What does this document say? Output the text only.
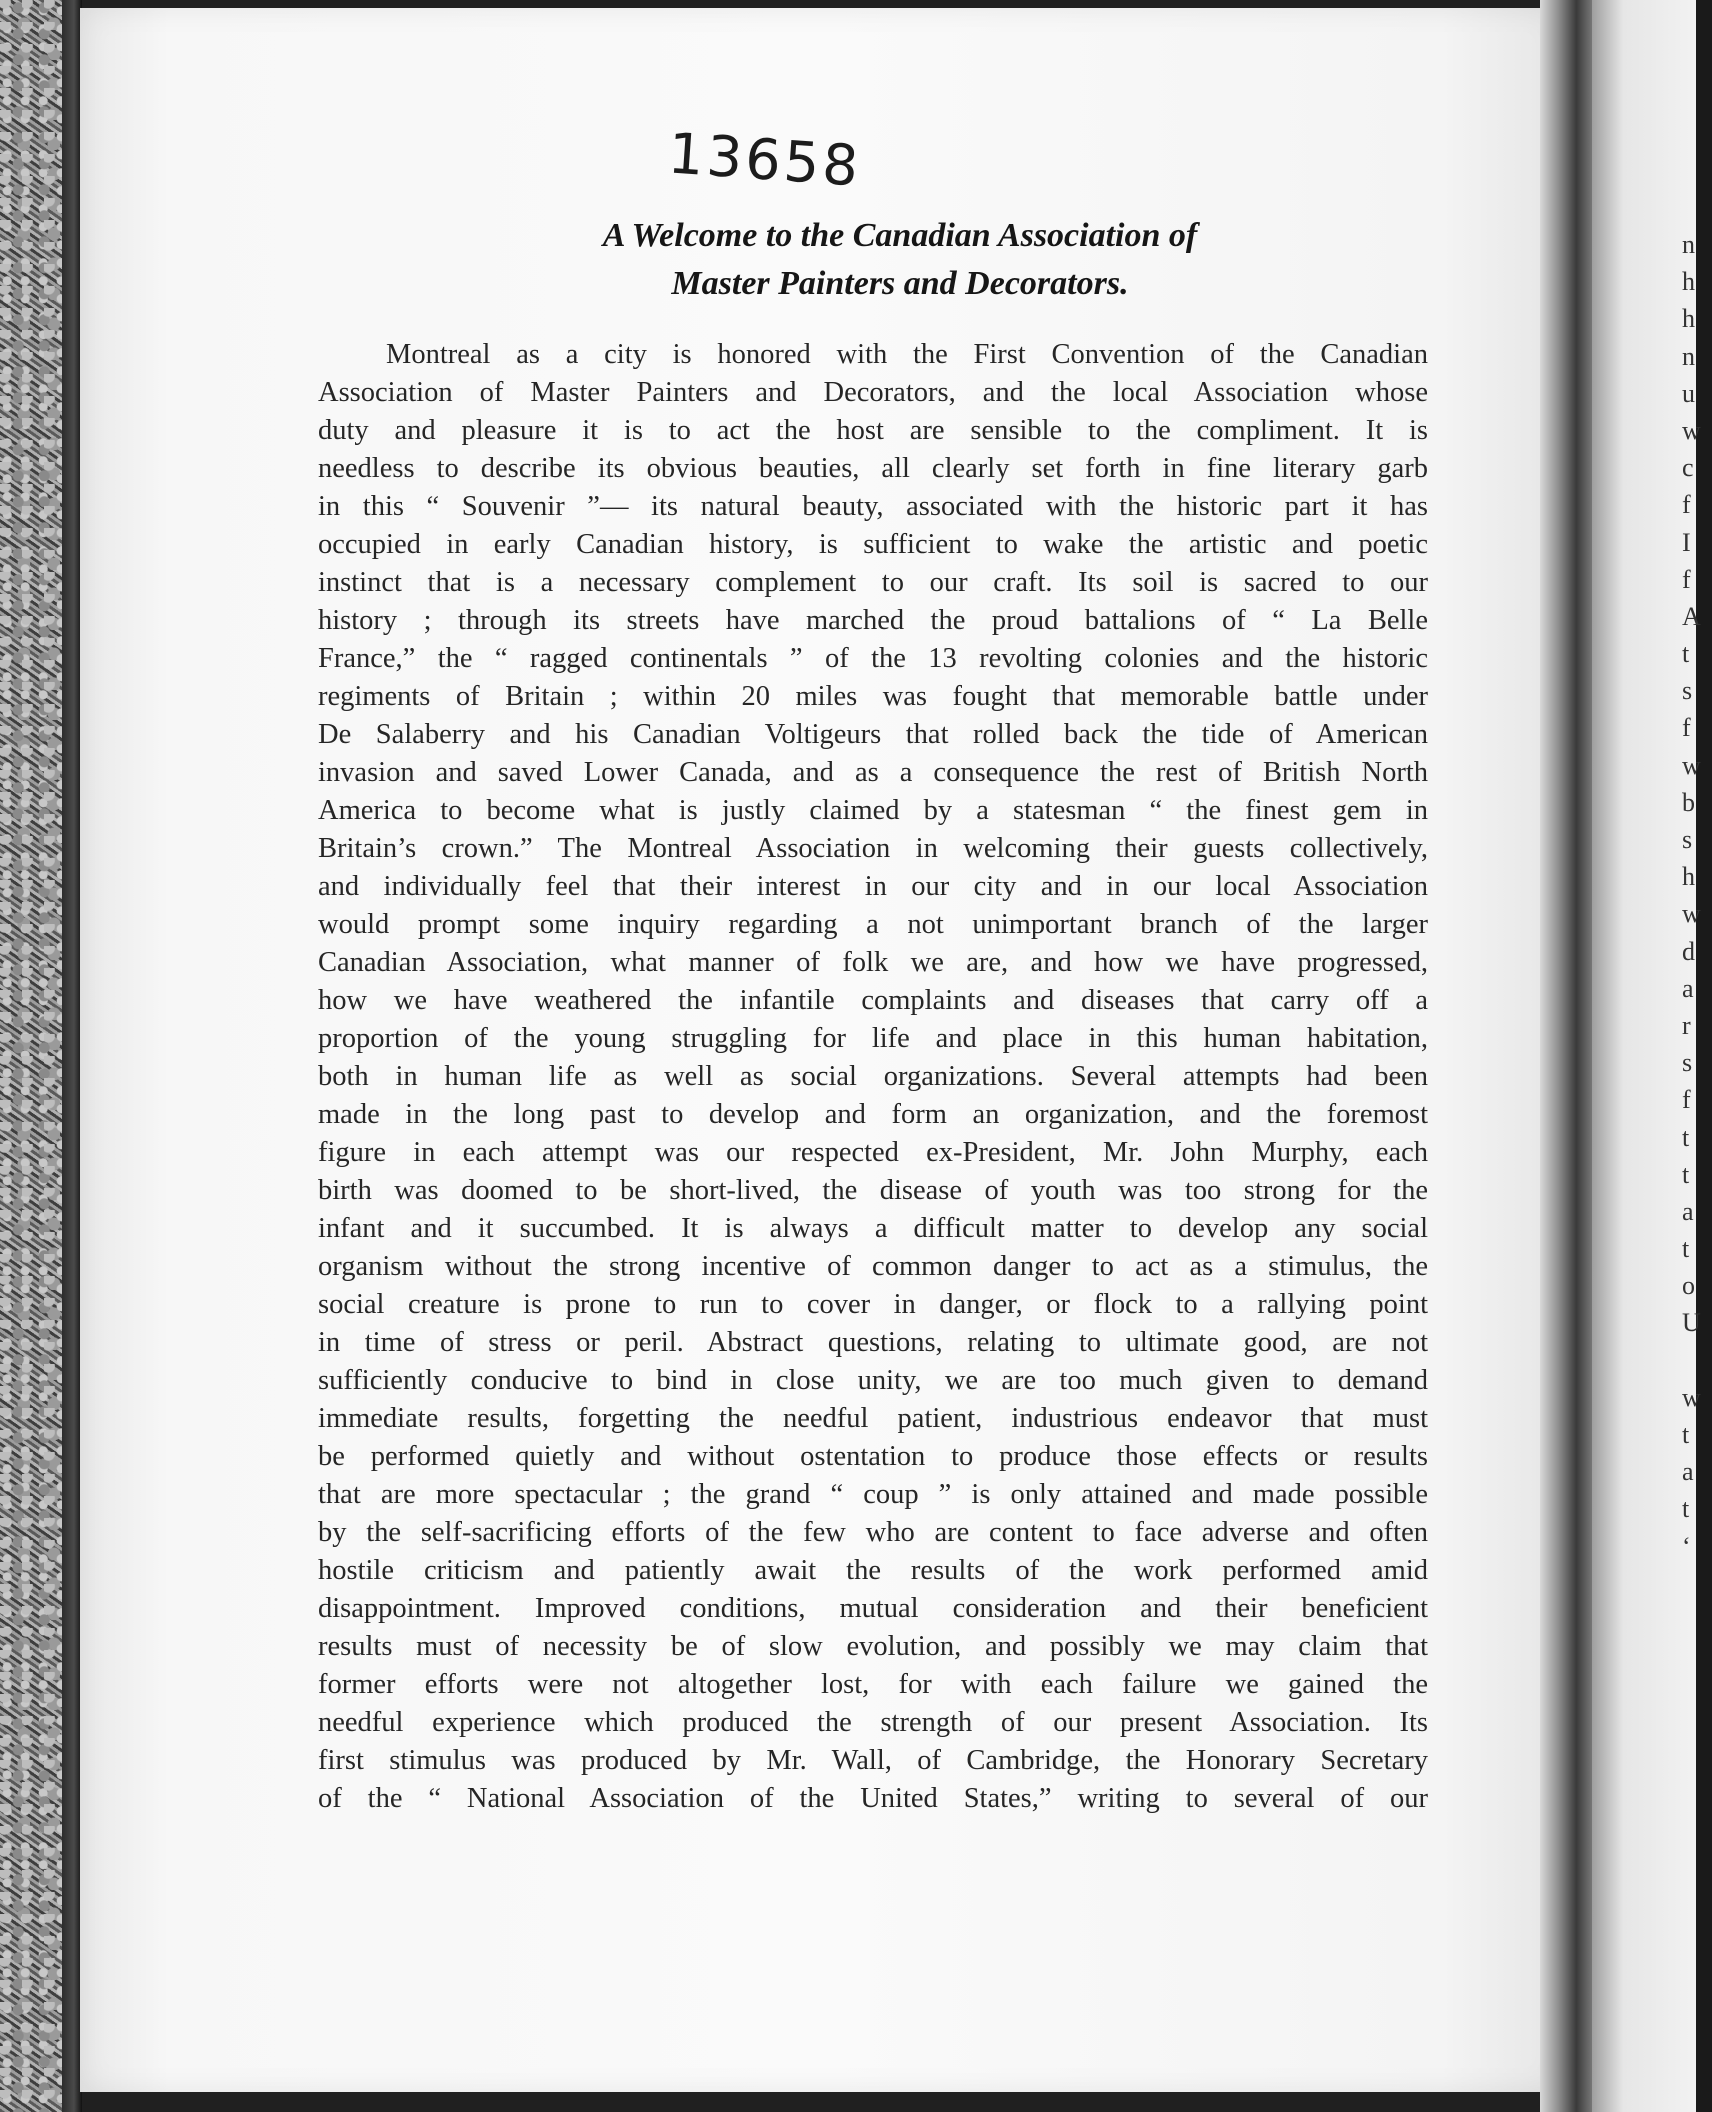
13658
A Welcome to the Canadian Association of
Master Painters and Decorators.
Montreal as a city is honored with the First Convention of the Canadian
Association of Master Painters and Decorators, and the local Association whose
duty and pleasure it is to act the host are sensible to the compliment. It is
needless to describe its obvious beauties, all clearly set forth in fine literary garb
in this “ Souvenir ”— its natural beauty, associated with the historic part it has
occupied in early Canadian history, is sufficient to wake the artistic and poetic
instinct that is a necessary complement to our craft. Its soil is sacred to our
history ; through its streets have marched the proud battalions of “ La Belle
France,” the “ ragged continentals ” of the 13 revolting colonies and the historic
regiments of Britain ; within 20 miles was fought that memorable battle under
De Salaberry and his Canadian Voltigeurs that rolled back the tide of American
invasion and saved Lower Canada, and as a consequence the rest of British North
America to become what is justly claimed by a statesman “ the finest gem in
Britain’s crown.” The Montreal Association in welcoming their guests collectively,
and individually feel that their interest in our city and in our local Association
would prompt some inquiry regarding a not unimportant branch of the larger
Canadian Association, what manner of folk we are, and how we have progressed,
how we have weathered the infantile complaints and diseases that carry off a
proportion of the young struggling for life and place in this human habitation,
both in human life as well as social organizations. Several attempts had been
made in the long past to develop and form an organization, and the foremost
figure in each attempt was our respected ex-President, Mr. John Murphy, each
birth was doomed to be short-lived, the disease of youth was too strong for the
infant and it succumbed. It is always a difficult matter to develop any social
organism without the strong incentive of common danger to act as a stimulus, the
social creature is prone to run to cover in danger, or flock to a rallying point
in time of stress or peril. Abstract questions, relating to ultimate good, are not
sufficiently conducive to bind in close unity, we are too much given to demand
immediate results, forgetting the needful patient, industrious endeavor that must
be performed quietly and without ostentation to produce those effects or results
that are more spectacular ; the grand “ coup ” is only attained and made possible
by the self-sacrificing efforts of the few who are content to face adverse and often
hostile criticism and patiently await the results of the work performed amid
disappointment. Improved conditions, mutual consideration and their beneficient
results must of necessity be of slow evolution, and possibly we may claim that
former efforts were not altogether lost, for with each failure we gained the
needful experience which produced the strength of our present Association. Its
first stimulus was produced by Mr. Wall, of Cambridge, the Honorary Secretary
of the “ National Association of the United States,” writing to several of our
n
h
h
n
u
w
c
f
I
f
A
t
s
f
w
b
s
h
w
d
a
r
s
f
t
t
a
t
o
U
w
t
a
t
‘
